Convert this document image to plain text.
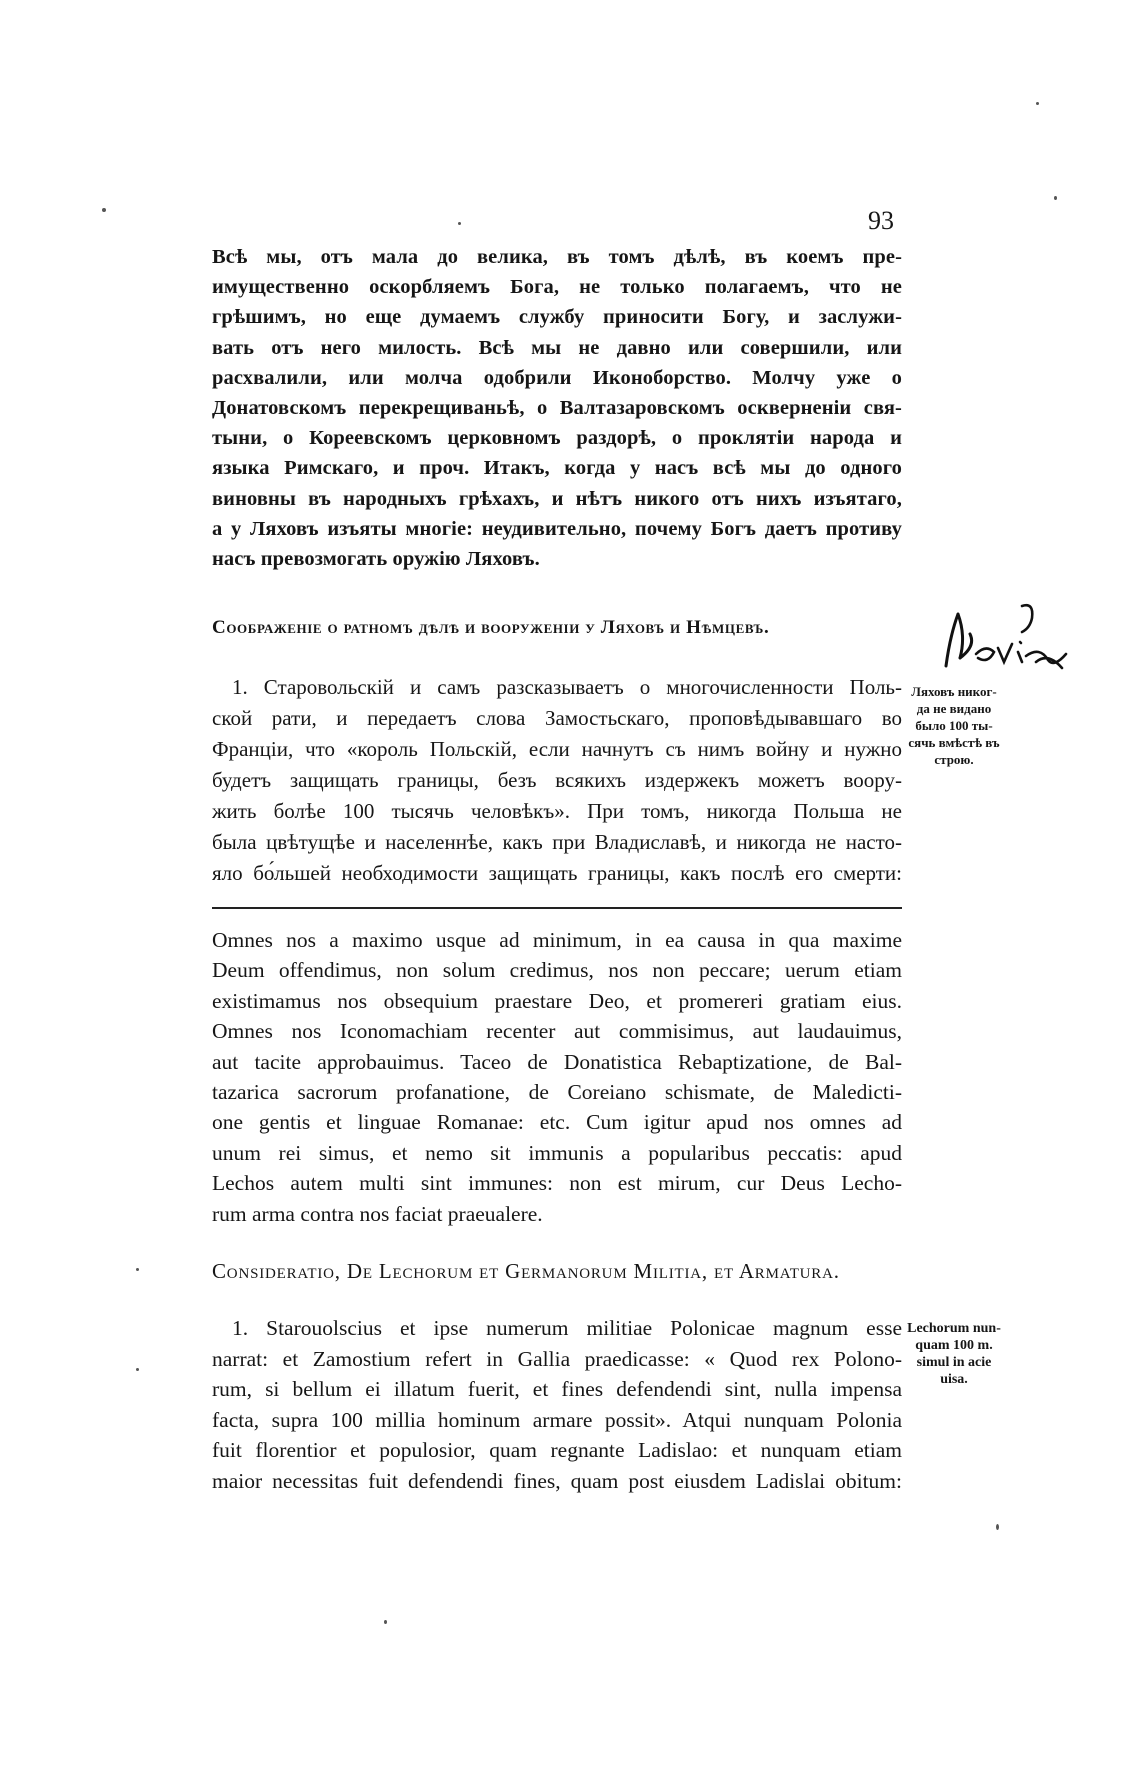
93
Всѣ мы, отъ мала до велика, въ томъ дѣлѣ, въ коемъ пре-
имущественно оскорбляемъ Бога, не только полагаемъ, что не
грѣшимъ, но еще думаемъ службу приносити Богу, и заслужи-
вать отъ него милость. Всѣ мы не давно или совершили, или
расхвалили, или молча одобрили Иконоборство. Молчу уже о
Донатовскомъ перекрещиваньѣ, о Валтазаровскомъ оскверненіи свя-
тыни, о Кореевскомъ церковномъ раздорѣ, о проклятіи народа и
языка Римскаго, и проч. Итакъ, когда у насъ всѣ мы до одного
виновны въ народныхъ грѣхахъ, и нѣтъ никого отъ нихъ изъятаго,
а у Ляховъ изъяты многіе: неудивительно, почему Богъ даетъ противу
насъ превозмогать оружію Ляховъ.
Соображеніе о ратномъ дѣлѣ и вооруженіи у Ляховъ и Нѣмцевъ.
Воѵід
1. Старовольскій и самъ разсказываетъ о многочисленности Поль-
ской рати, и передаетъ слова Замостьскаго, проповѣдывавшаго во
Франціи, что «король Польскій, если начнутъ съ нимъ войну и нужно
будетъ защищать границы, безъ всякихъ издержекъ можетъ воору-
жить болѣе 100 тысячь человѣкъ». При томъ, никогда Польша не
была цвѣтущѣе и населеннѣе, какъ при Владиславѣ, и никогда не насто-
яло бо́льшей необходимости защищать границы, какъ послѣ его смерти:
Ляховъ никог-
да не видано
было 100 ты-
сячь вмѣстѣ въ
строю.
Omnes nos a maximo usque ad minimum, in ea causa in qua maxime
Deum offendimus, non solum credimus, nos non peccare; uerum etiam
existimamus nos obsequium praestare Deo, et promereri gratiam eius.
Omnes nos Iconomachiam recenter aut commisimus, aut laudauimus,
aut tacite approbauimus. Taceo de Donatistica Rebaptizatione, de Bal-
tazarica sacrorum profanatione, de Coreiano schismate, de Maledicti-
one gentis et linguae Romanae: etc. Cum igitur apud nos omnes ad
unum rei simus, et nemo sit immunis a popularibus peccatis: apud
Lechos autem multi sint immunes: non est mirum, cur Deus Lecho-
rum arma contra nos faciat praeualere.
Consideratio, De Lechorum et Germanorum Militia, et Armatura.
1. Starouolscius et ipse numerum militiae Polonicae magnum esse
narrat: et Zamostium refert in Gallia praedicasse: « Quod rex Polono-
rum, si bellum ei illatum fuerit, et fines defendendi sint, nulla impensa
facta, supra 100 millia hominum armare possit». Atqui nunquam Polonia
fuit florentior et populosior, quam regnante Ladislao: et nunquam etiam
maior necessitas fuit defendendi fines, quam post eiusdem Ladislai obitum:
Lechorum nun-
quam 100 m.
simul in acie
uisa.
